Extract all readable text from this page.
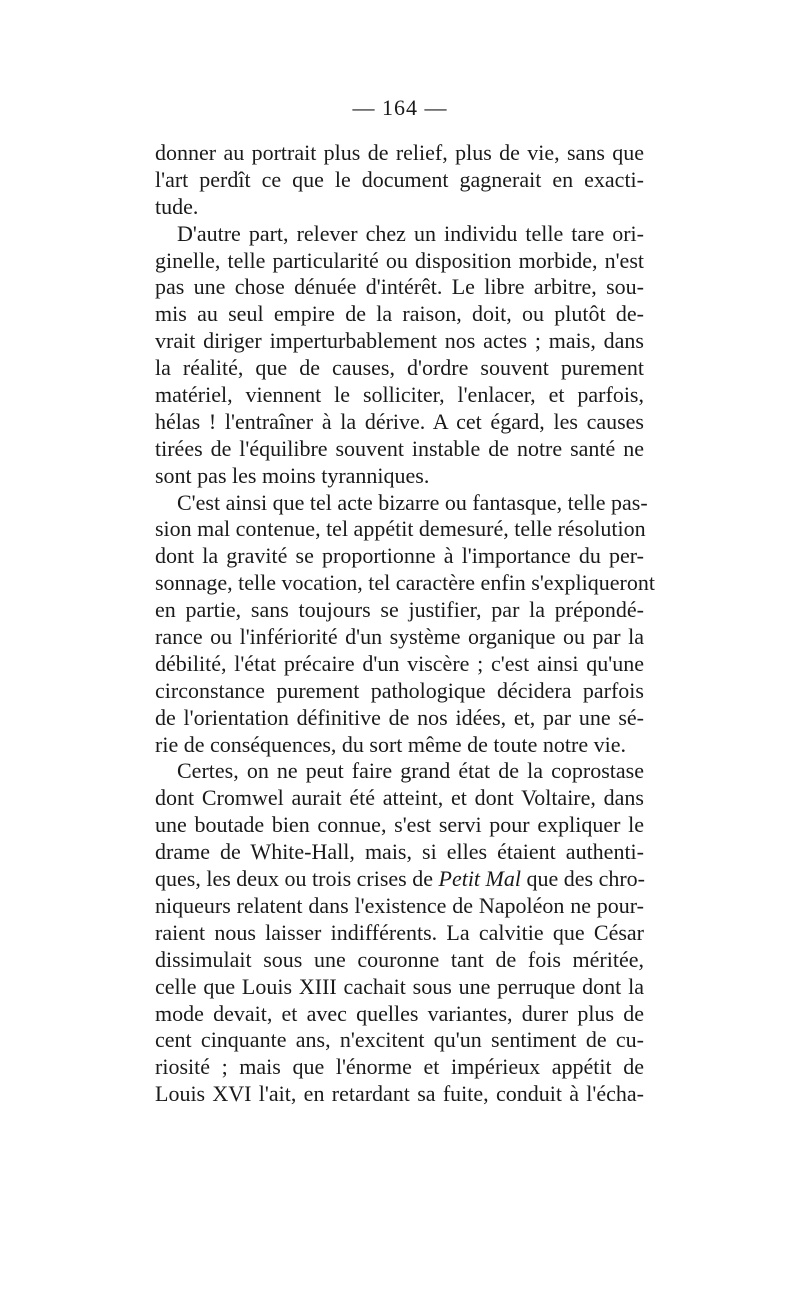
— 164 —
donner au portrait plus de relief, plus de vie, sans que
l'art perdît ce que le document gagnerait en exacti-
tude.
D'autre part, relever chez un individu telle tare ori-
ginelle, telle particularité ou disposition morbide, n'est
pas une chose dénuée d'intérêt. Le libre arbitre, sou-
mis au seul empire de la raison, doit, ou plutôt de-
vrait diriger imperturbablement nos actes ; mais, dans
la réalité, que de causes, d'ordre souvent purement
matériel, viennent le solliciter, l'enlacer, et parfois,
hélas ! l'entraîner à la dérive. A cet égard, les causes
tirées de l'équilibre souvent instable de notre santé ne
sont pas les moins tyranniques.
C'est ainsi que tel acte bizarre ou fantasque, telle pas-
sion mal contenue, tel appétit demesuré, telle résolution
dont la gravité se proportionne à l'importance du per-
sonnage, telle vocation, tel caractère enfin s'expliqueront
en partie, sans toujours se justifier, par la prépondé-
rance ou l'infériorité d'un système organique ou par la
débilité, l'état précaire d'un viscère ; c'est ainsi qu'une
circonstance purement pathologique décidera parfois
de l'orientation définitive de nos idées, et, par une sé-
rie de conséquences, du sort même de toute notre vie.
Certes, on ne peut faire grand état de la coprostase
dont Cromwel aurait été atteint, et dont Voltaire, dans
une boutade bien connue, s'est servi pour expliquer le
drame de White-Hall, mais, si elles étaient authenti-
ques, les deux ou trois crises de Petit Mal que des chro-
niqueurs relatent dans l'existence de Napoléon ne pour-
raient nous laisser indifférents. La calvitie que César
dissimulait sous une couronne tant de fois méritée,
celle que Louis XIII cachait sous une perruque dont la
mode devait, et avec quelles variantes, durer plus de
cent cinquante ans, n'excitent qu'un sentiment de cu-
riosité ; mais que l'énorme et impérieux appétit de
Louis XVI l'ait, en retardant sa fuite, conduit à l'écha-
